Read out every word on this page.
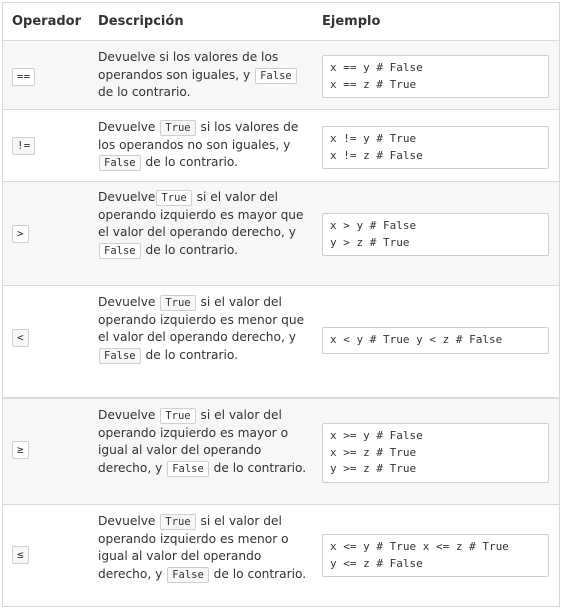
Operador Descripción	Ejemplo
==
Devuelve si los valores de los operandos son iguales, y False de lo contrario.
x == y # False
x == z # True
!=
Devuelve True si los valores de los operandos no son iguales, y False de lo contrario.
x != y # True
x != z # False
>
Devuelve True si el valor del operando izquierdo es mayor que el valor del operando derecho, y False de lo contrario.
x > y # False
y > z # True
<
Devuelve True si el valor del operando izquierdo es menor que el valor del operando derecho, y False de lo contrario.
x < y # True y < z # False
≥
Devuelve True si el valor del operando izquierdo es mayor o igual al valor del operando derecho, y False de lo contrario.
x >= y # False
x >= z # True
y >= z # True
≤
Devuelve True si el valor del operando izquierdo es menor o igual al valor del operando derecho, y False de lo contrario.
x <= y # True x <= z # True
y <= z # False
